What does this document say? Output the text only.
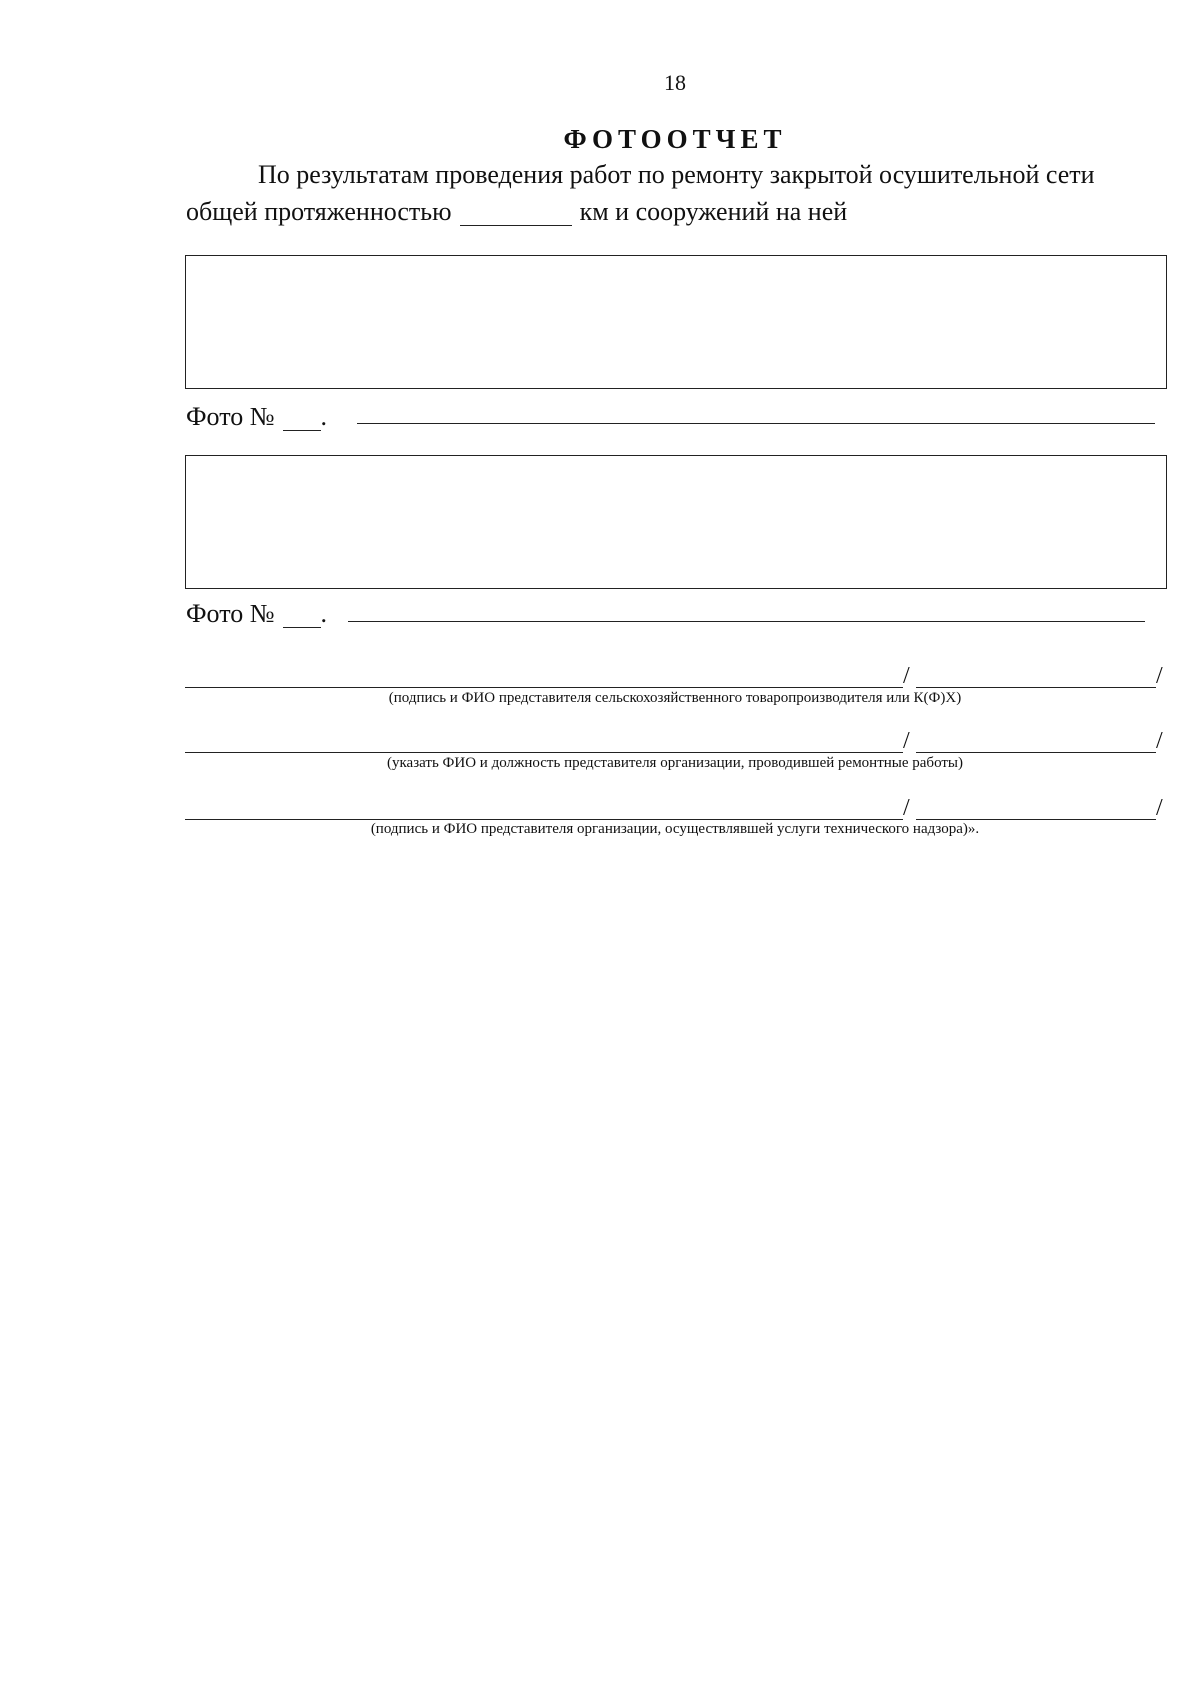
18
ФОТООТЧЕТ
По результатам проведения работ по ремонту закрытой осушительной сети
общей протяженностью	км и сооружений на ней
Фото № .
Фото № .
/	/
(подпись и ФИО представителя сельскохозяйственного товаропроизводителя или К(Ф)Х)
/	/
(указать ФИО и должность представителя организации, проводившей ремонтные работы)
/	/
(подпись и ФИО представителя организации, осуществлявшей услуги технического надзора)».
